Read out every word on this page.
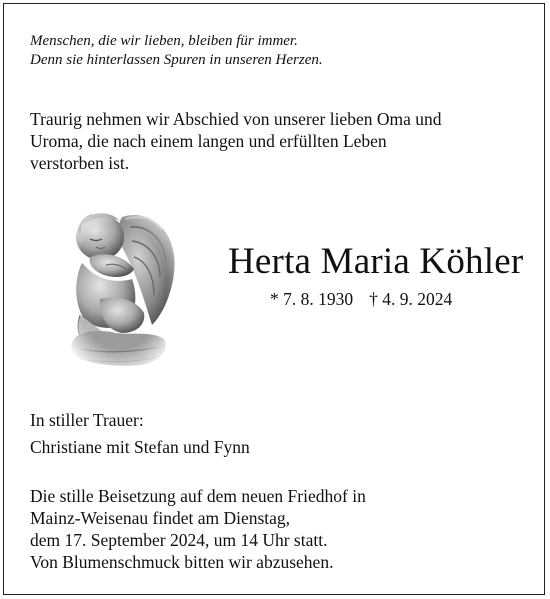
Menschen, die wir lieben, bleiben für immer.
Denn sie hinterlassen Spuren in unseren Herzen.
Traurig nehmen wir Abschied von unserer lieben Oma und
Uroma, die nach einem langen und erfüllten Leben
verstorben ist.
Herta Maria Köhler
* 7. 8. 1930 † 4. 9. 2024
In stiller Trauer:
Christiane mit Stefan und Fynn
Die stille Beisetzung auf dem neuen Friedhof in
Mainz-Weisenau findet am Dienstag,
dem 17. September 2024, um 14 Uhr statt.
Von Blumenschmuck bitten wir abzusehen.
